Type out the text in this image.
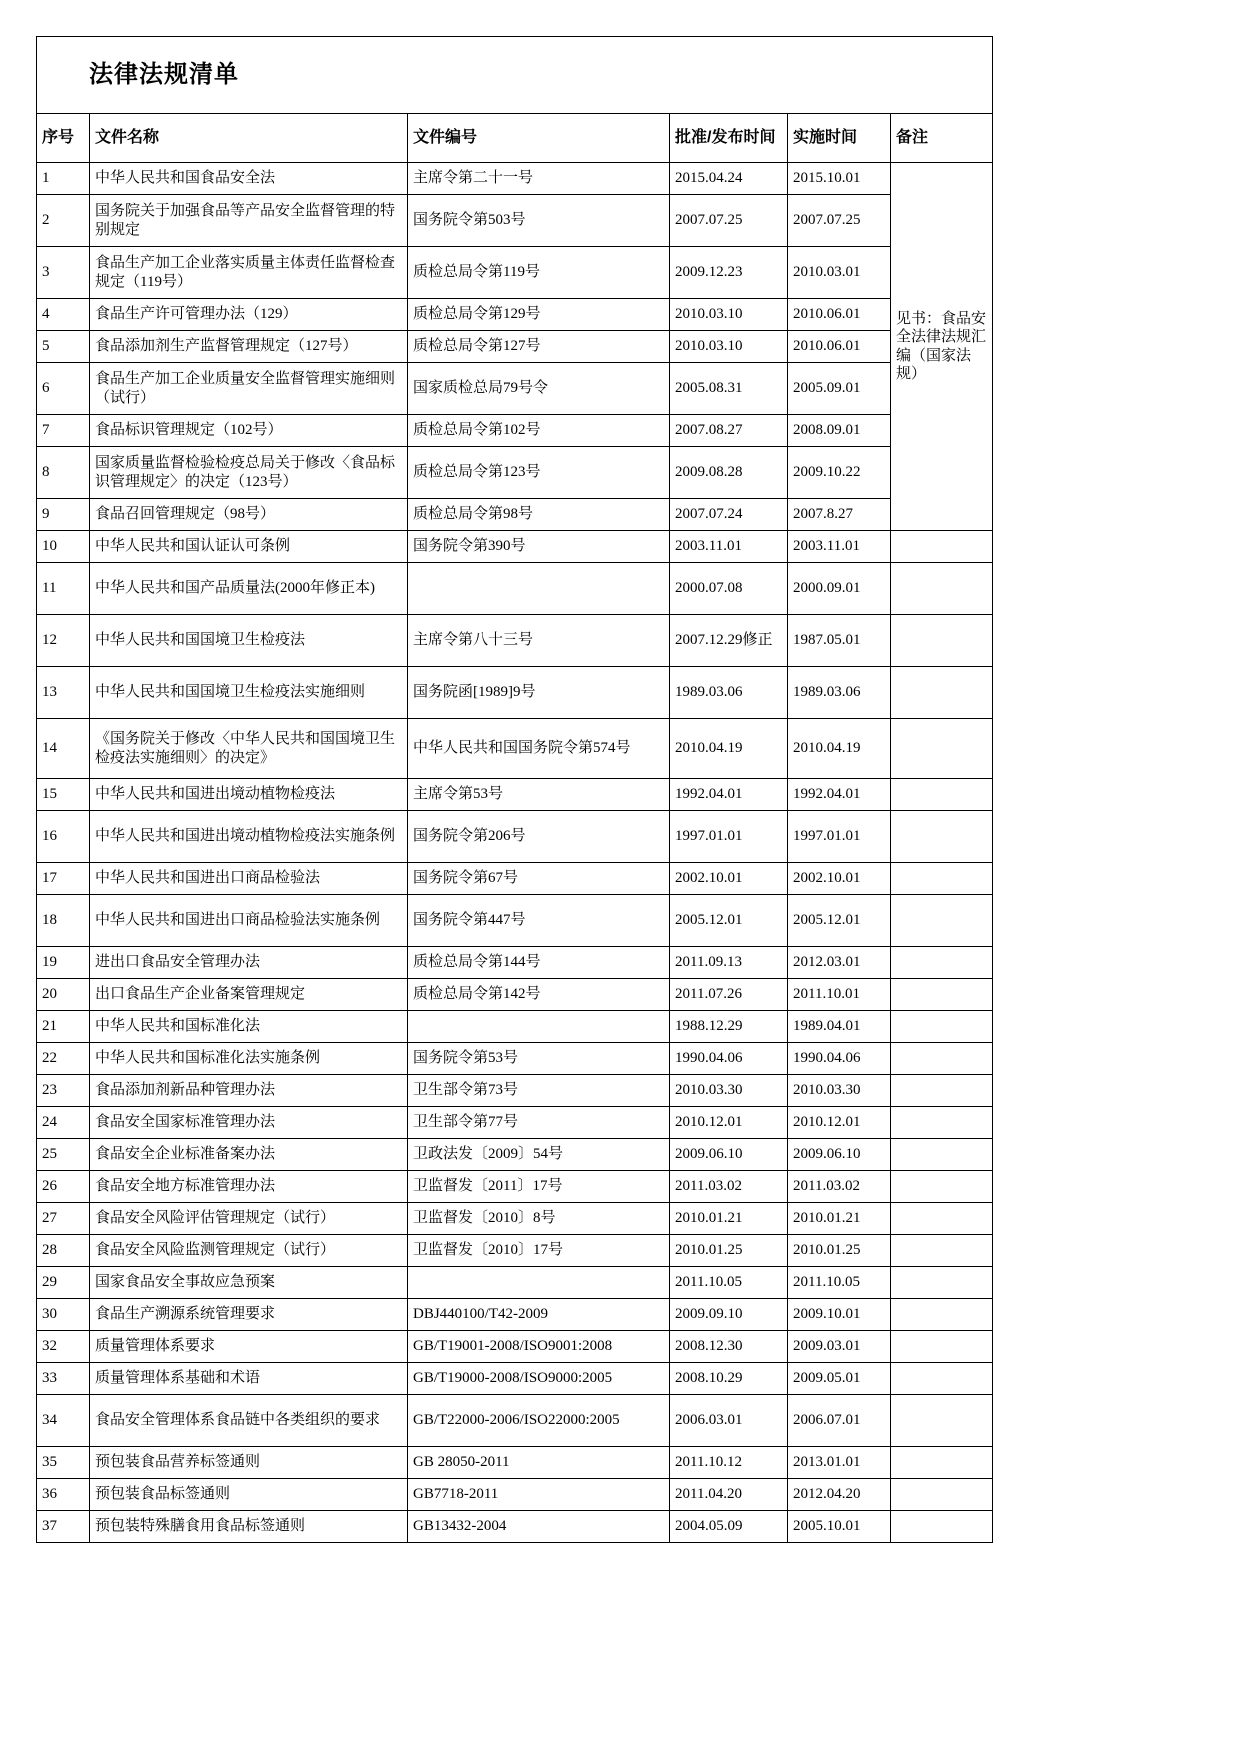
法律法规清单					
序号	文件名称	文件编号	批准/发布时间	实施时间	备注
1	中华人民共和国食品安全法	主席令第二十一号	2015.04.24	2015.10.01	见书：食品安全法律法规汇编（国家法规）
2	国务院关于加强食品等产品安全监督管理的特别规定	国务院令第503号	2007.07.25	2007.07.25	
3	食品生产加工企业落实质量主体责任监督检查规定（119号）	质检总局令第119号	2009.12.23	2010.03.01	
4	食品生产许可管理办法（129）	质检总局令第129号	2010.03.10	2010.06.01	
5	食品添加剂生产监督管理规定（127号）	质检总局令第127号	2010.03.10	2010.06.01	
6	食品生产加工企业质量安全监督管理实施细则（试行）	国家质检总局79号令	2005.08.31	2005.09.01	
7	食品标识管理规定（102号）	质检总局令第102号	2007.08.27	2008.09.01	
8	国家质量监督检验检疫总局关于修改〈食品标识管理规定〉的决定（123号）	质检总局令第123号	2009.08.28	2009.10.22	
9	食品召回管理规定（98号）	质检总局令第98号	2007.07.24	2007.8.27	
10	中华人民共和国认证认可条例	国务院令第390号	2003.11.01	2003.11.01	
11	中华人民共和国产品质量法(2000年修正本)		2000.07.08	2000.09.01	
12	中华人民共和国国境卫生检疫法	主席令第八十三号	2007.12.29修正	1987.05.01	
13	中华人民共和国国境卫生检疫法实施细则	国务院函[1989]9号	1989.03.06	1989.03.06	
14	《国务院关于修改〈中华人民共和国国境卫生检疫法实施细则〉的决定》	中华人民共和国国务院令第574号	2010.04.19	2010.04.19	
15	中华人民共和国进出境动植物检疫法	主席令第53号	1992.04.01	1992.04.01	
16	中华人民共和国进出境动植物检疫法实施条例	国务院令第206号	1997.01.01	1997.01.01	
17	中华人民共和国进出口商品检验法	国务院令第67号	2002.10.01	2002.10.01	
18	中华人民共和国进出口商品检验法实施条例	国务院令第447号	2005.12.01	2005.12.01	
19	进出口食品安全管理办法	质检总局令第144号	2011.09.13	2012.03.01	
20	出口食品生产企业备案管理规定	质检总局令第142号	2011.07.26	2011.10.01	
21	中华人民共和国标准化法		1988.12.29	1989.04.01	
22	中华人民共和国标准化法实施条例	国务院令第53号	1990.04.06	1990.04.06	
23	食品添加剂新品种管理办法	卫生部令第73号	2010.03.30	2010.03.30	
24	食品安全国家标准管理办法	卫生部令第77号	2010.12.01	2010.12.01	
25	食品安全企业标准备案办法	卫政法发〔2009〕54号	2009.06.10	2009.06.10	
26	食品安全地方标准管理办法	卫监督发〔2011〕17号	2011.03.02	2011.03.02	
27	食品安全风险评估管理规定（试行）	卫监督发〔2010〕8号	2010.01.21	2010.01.21	
28	食品安全风险监测管理规定（试行）	卫监督发〔2010〕17号	2010.01.25	2010.01.25	
29	国家食品安全事故应急预案		2011.10.05	2011.10.05	
30	食品生产溯源系统管理要求	DBJ440100/T42-2009	2009.09.10	2009.10.01	
32	质量管理体系要求	GB/T19001-2008/ISO9001:2008	2008.12.30	2009.03.01	
33	质量管理体系基础和术语	GB/T19000-2008/ISO9000:2005	2008.10.29	2009.05.01	
34	食品安全管理体系食品链中各类组织的要求	GB/T22000-2006/ISO22000:2005	2006.03.01	2006.07.01	
35	预包装食品营养标签通则	GB 28050-2011	2011.10.12	2013.01.01	
36	预包装食品标签通则	GB7718-2011	2011.04.20	2012.04.20	
37	预包装特殊膳食用食品标签通则	GB13432-2004	2004.05.09	2005.10.01	
